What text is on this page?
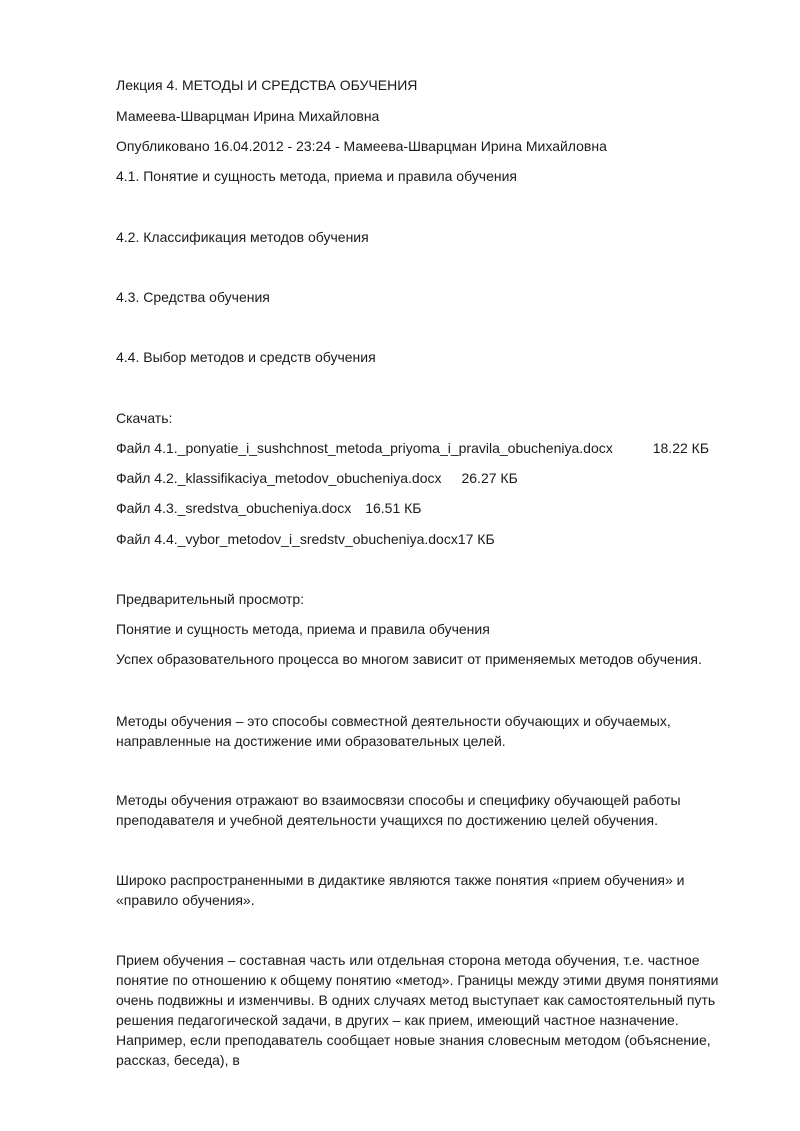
Лекция 4. МЕТОДЫ И СРЕДСТВА ОБУЧЕНИЯ
Мамеева-Шварцман Ирина Михайловна
Опубликовано 16.04.2012 - 23:24 - Мамеева-Шварцман Ирина Михайловна
4.1. Понятие и сущность метода, приема и правила обучения
4.2. Классификация методов обучения
4.3. Средства обучения
4.4. Выбор методов и средств обучения
Скачать:
Файл 4.1._ponyatie_i_sushchnost_metoda_priyoma_i_pravila_obucheniya.docx	18.22 КБ
Файл 4.2._klassifikaciya_metodov_obucheniya.docx 26.27 КБ
Файл 4.3._sredstva_obucheniya.docx 16.51 КБ
Файл 4.4._vybor_metodov_i_sredstv_obucheniya.docx17 КБ
Предварительный просмотр:
Понятие и сущность метода, приема и правила обучения
Успех образовательного процесса во многом зависит от применяемых методов обучения.
Методы обучения – это способы совместной деятельности обучающих и обучаемых, направленные на достижение ими образовательных целей.
Методы обучения отражают во взаимосвязи способы и специфику обучающей работы преподавателя и учебной деятельности учащихся по достижению целей обучения.
Широко распространенными в дидактике являются также понятия «прием обучения» и «правило обучения».
Прием обучения – составная часть или отдельная сторона метода обучения, т.е. частное понятие по отношению к общему понятию «метод». Границы между этими двумя понятиями очень подвижны и изменчивы. В одних случаях метод выступает как самостоятельный путь решения педагогической задачи, в других – как прием, имеющий частное назначение. Например, если преподаватель сообщает новые знания словесным методом (объяснение, рассказ, беседа), в
